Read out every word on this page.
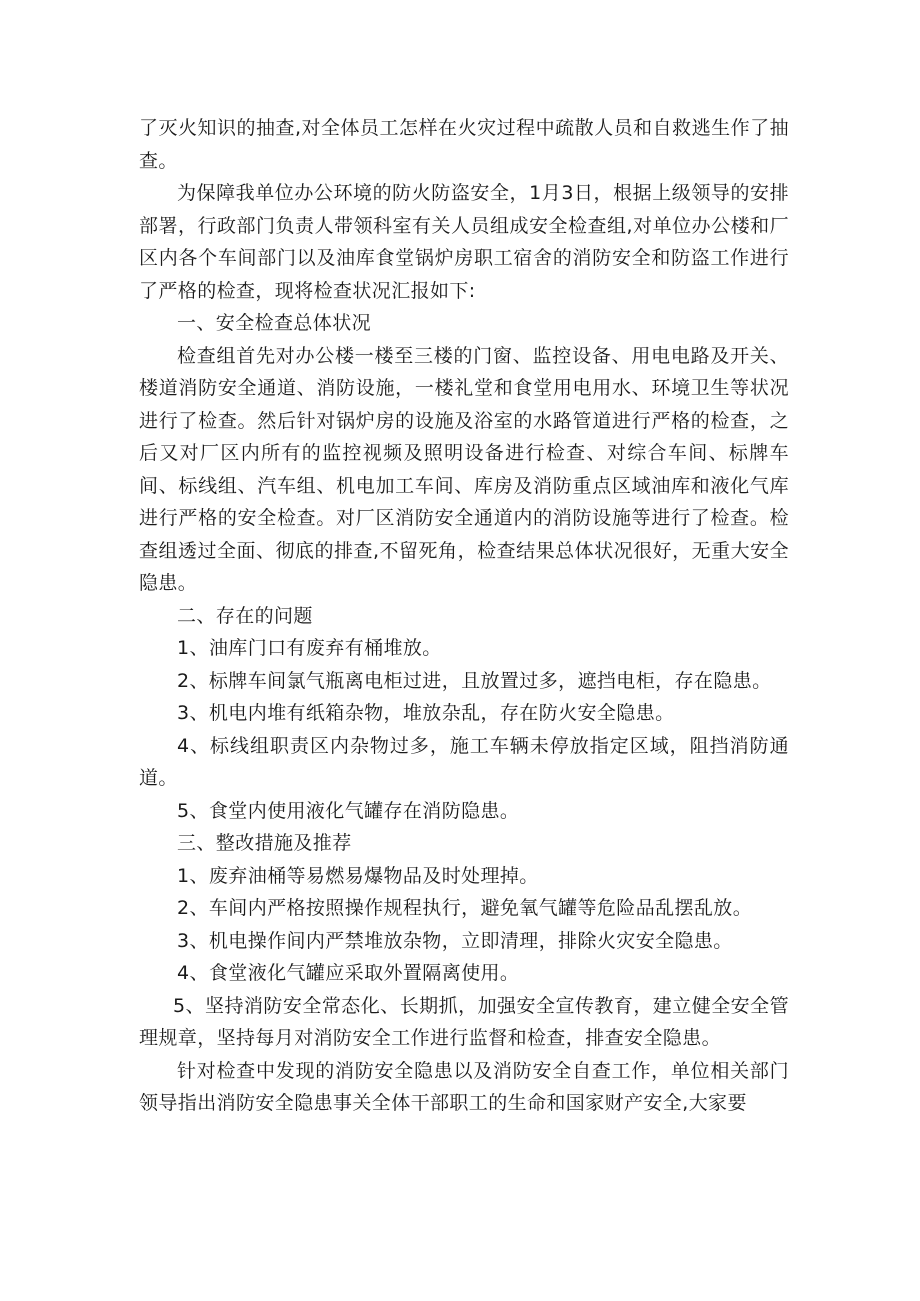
了灭火知识的抽查,对全体员工怎样在火灾过程中疏散人员和自救逃生作了抽查。

为保障我单位办公环境的防火防盗安全，1月3日，根据上级领导的安排部署，行政部门负责人带领科室有关人员组成安全检查组,对单位办公楼和厂区内各个车间部门以及油库食堂锅炉房职工宿舍的消防安全和防盗工作进行了严格的检查，现将检查状况汇报如下:

一、安全检查总体状况

检查组首先对办公楼一楼至三楼的门窗、监控设备、用电电路及开关、楼道消防安全通道、消防设施，一楼礼堂和食堂用电用水、环境卫生等状况进行了检查。然后针对锅炉房的设施及浴室的水路管道进行严格的检查，之后又对厂区内所有的监控视频及照明设备进行检查、对综合车间、标牌车间、标线组、汽车组、机电加工车间、库房及消防重点区域油库和液化气库进行严格的安全检查。对厂区消防安全通道内的消防设施等进行了检查。检查组透过全面、彻底的排查,不留死角，检查结果总体状况很好，无重大安全隐患。

二、存在的问题

1、油库门口有废弃有桶堆放。

2、标牌车间氯气瓶离电柜过进，且放置过多，遮挡电柜，存在隐患。

3、机电内堆有纸箱杂物，堆放杂乱，存在防火安全隐患。

4、标线组职责区内杂物过多，施工车辆未停放指定区域，阻挡消防通道。

5、食堂内使用液化气罐存在消防隐患。

三、整改措施及推荐

1、废弃油桶等易燃易爆物品及时处理掉。

2、车间内严格按照操作规程执行，避免氧气罐等危险品乱摆乱放。

3、机电操作间内严禁堆放杂物，立即清理，排除火灾安全隐患。

4、食堂液化气罐应采取外置隔离使用。

5、坚持消防安全常态化、长期抓，加强安全宣传教育，建立健全安全管理规章，坚持每月对消防安全工作进行监督和检查，排查安全隐患。

针对检查中发现的消防安全隐患以及消防安全自查工作，单位相关部门领导指出消防安全隐患事关全体干部职工的生命和国家财产安全,大家要
